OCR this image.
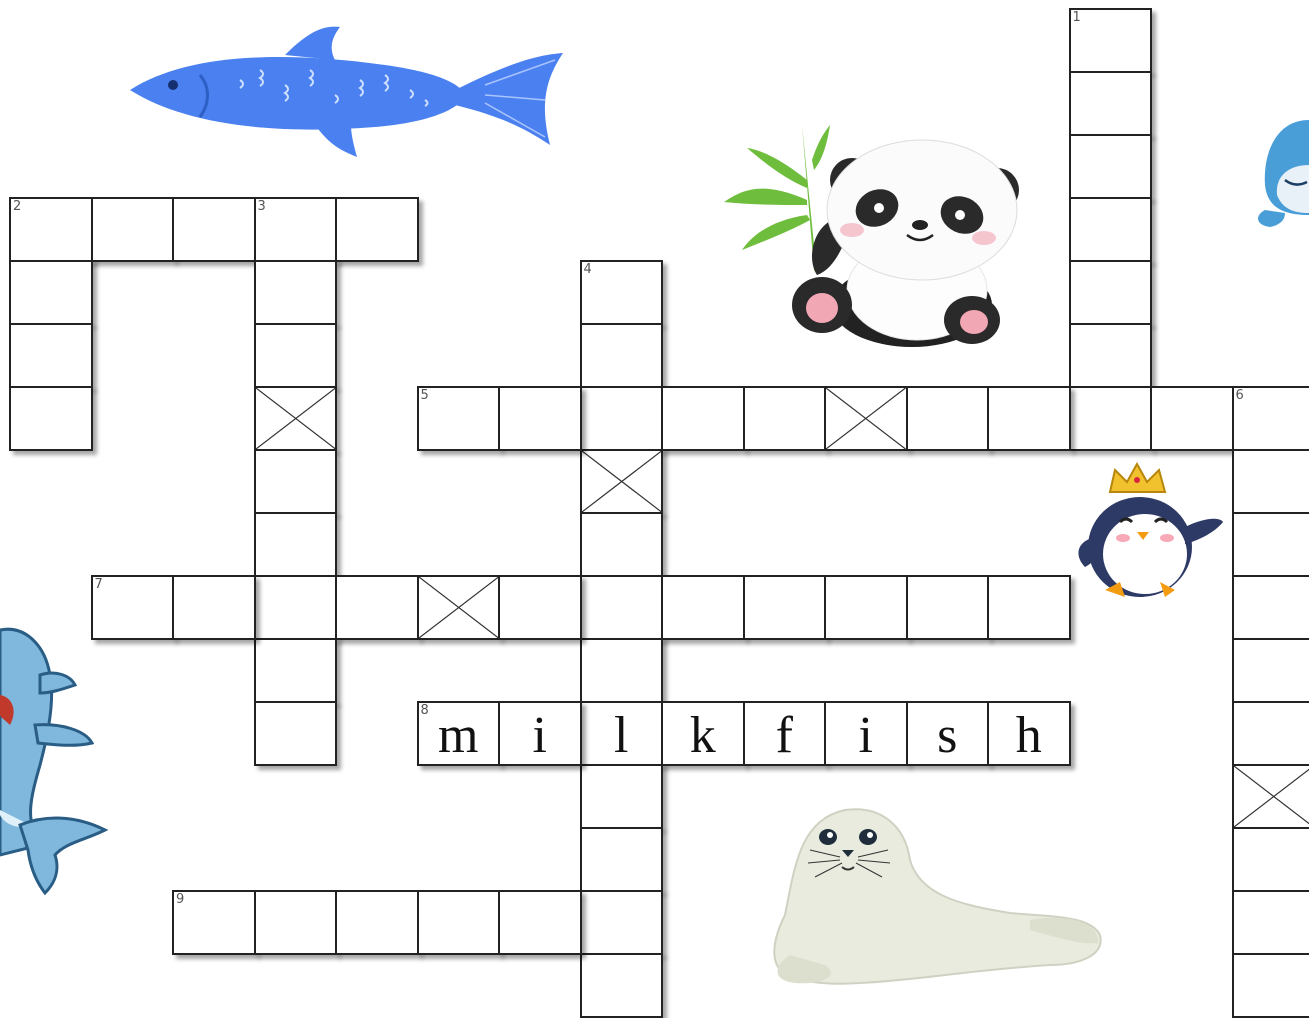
1
2	3
4
l
5	6
7
8 m	i	k	f	i	s	h
9
